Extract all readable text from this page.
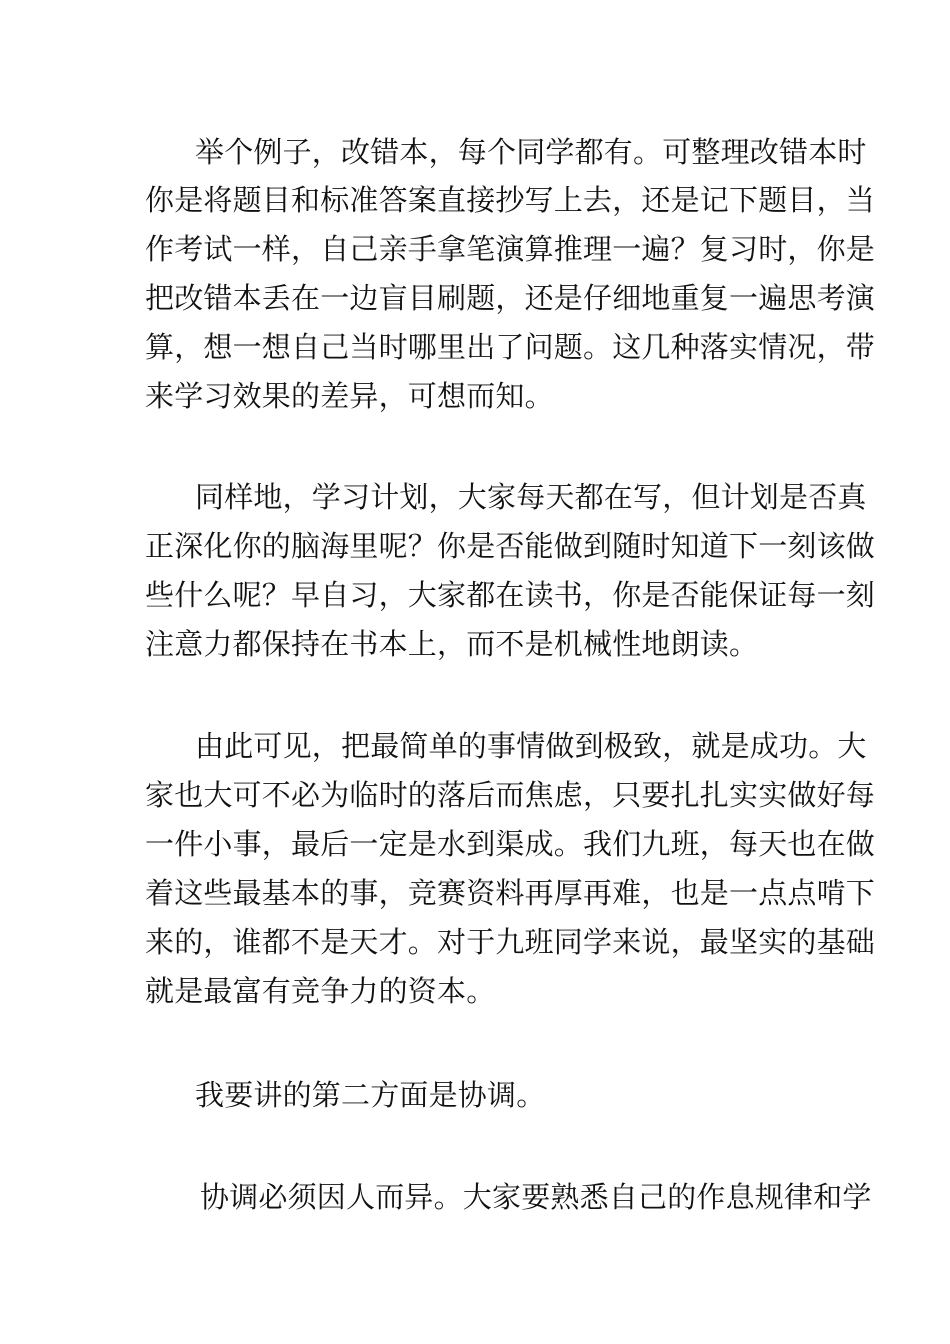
举个例子，改错本，每个同学都有。可整理改错本时
你是将题目和标准答案直接抄写上去，还是记下题目，当
作考试一样，自己亲手拿笔演算推理一遍？复习时，你是
把改错本丢在一边盲目刷题，还是仔细地重复一遍思考演
算，想一想自己当时哪里出了问题。这几种落实情况，带
来学习效果的差异，可想而知。
同样地，学习计划，大家每天都在写，但计划是否真
正深化你的脑海里呢？你是否能做到随时知道下一刻该做
些什么呢？早自习，大家都在读书，你是否能保证每一刻
注意力都保持在书本上，而不是机械性地朗读。
由此可见，把最简单的事情做到极致，就是成功。大
家也大可不必为临时的落后而焦虑，只要扎扎实实做好每
一件小事，最后一定是水到渠成。我们九班，每天也在做
着这些最基本的事，竞赛资料再厚再难，也是一点点啃下
来的，谁都不是天才。对于九班同学来说，最坚实的基础
就是最富有竞争力的资本。
我要讲的第二方面是协调。
协调必须因人而异。大家要熟悉自己的作息规律和学
